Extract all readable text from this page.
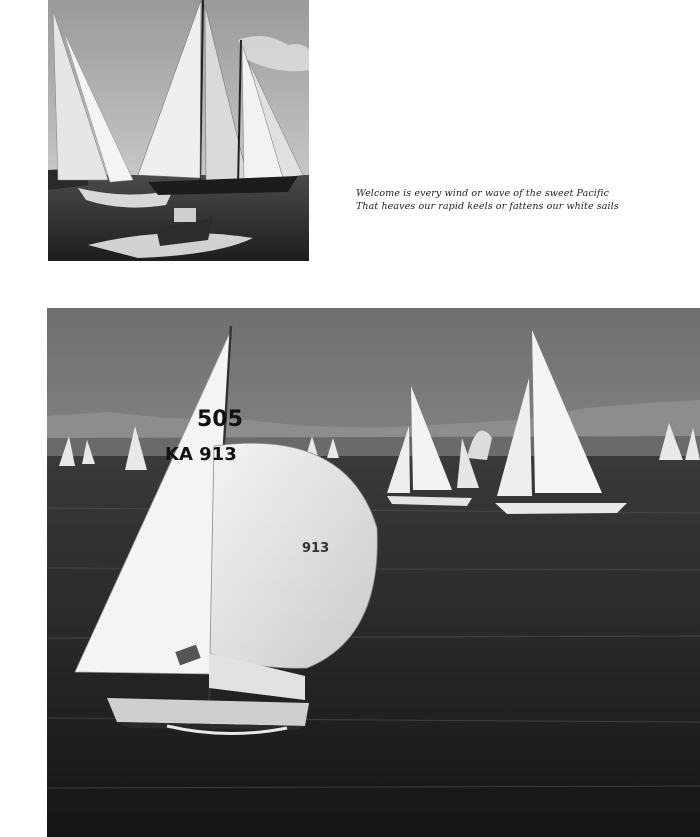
Welcome is every wind or wave of the sweet Pacific
That heaves our rapid keels or fattens our white sails
505
KA 913
913
